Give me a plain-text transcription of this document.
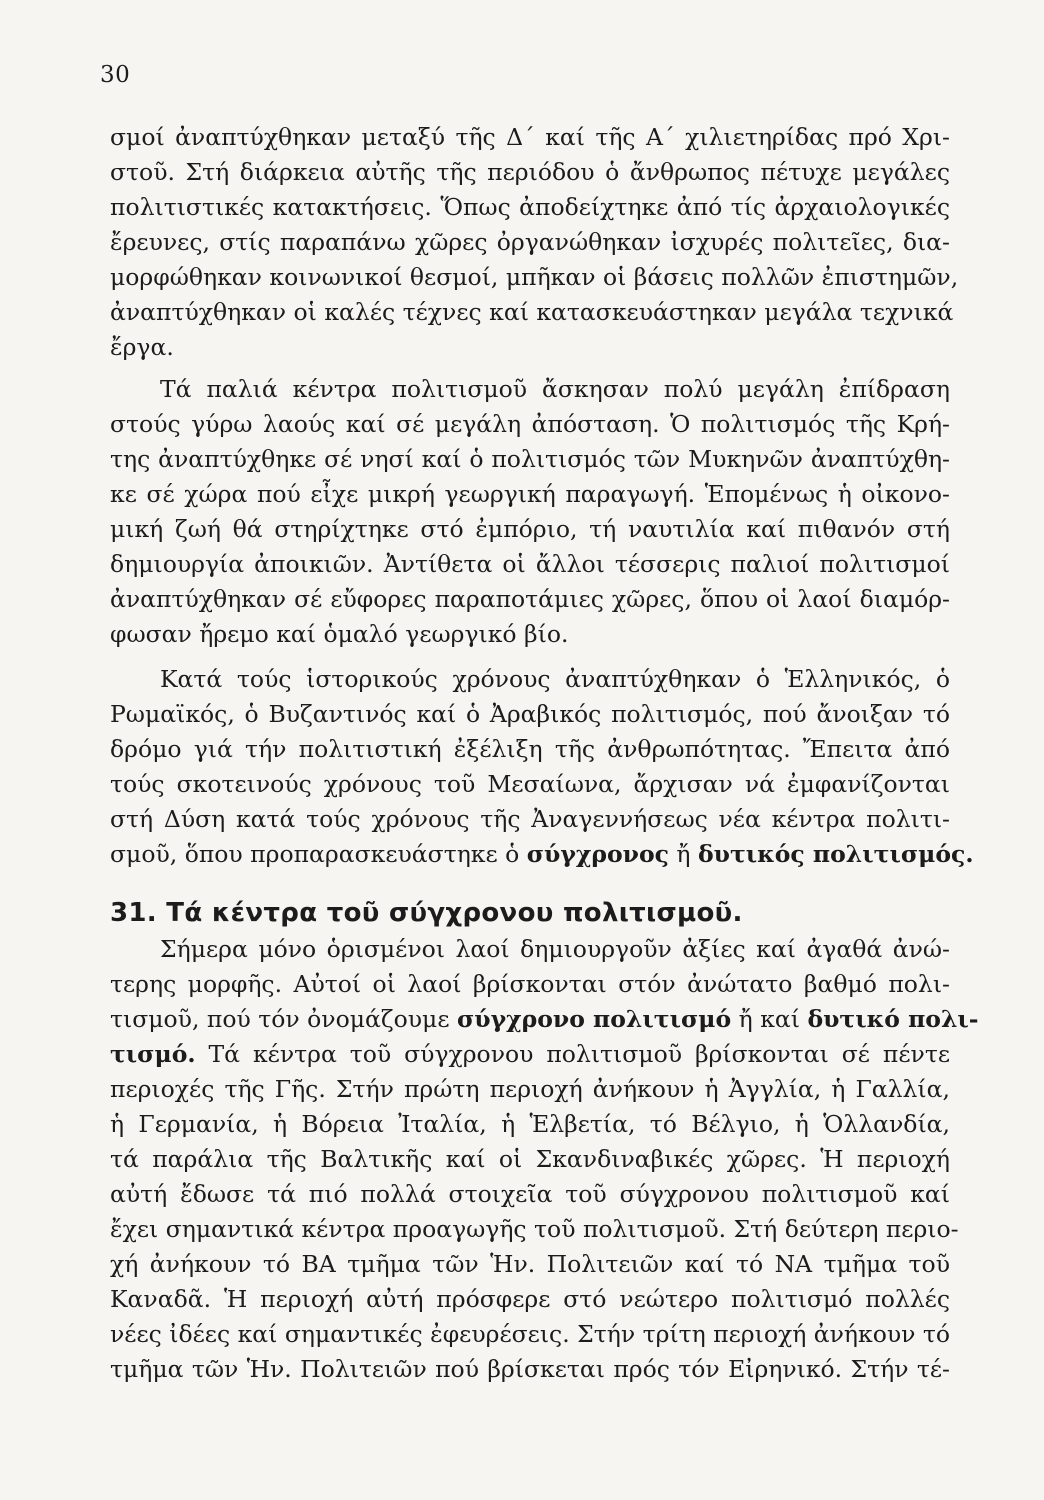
30
σμοί ἀναπτύχθηκαν μεταξύ τῆς Δ΄ καί τῆς Α΄ χιλιετηρίδας πρό Χρι-
στοῦ. Στή διάρκεια αὐτῆς τῆς περιόδου ὁ ἄνθρωπος πέτυχε μεγάλες
πολιτιστικές κατακτήσεις. Ὅπως ἀποδείχτηκε ἀπό τίς ἀρχαιολογικές
ἔρευνες, στίς παραπάνω χῶρες ὀργανώθηκαν ἰσχυρές πολιτεῖες, δια-
μορφώθηκαν κοινωνικοί θεσμοί, μπῆκαν οἱ βάσεις πολλῶν ἐπιστημῶν,
ἀναπτύχθηκαν οἱ καλές τέχνες καί κατασκευάστηκαν μεγάλα τεχνικά
ἔργα.
Τά παλιά κέντρα πολιτισμοῦ ἄσκησαν πολύ μεγάλη ἐπίδραση
στούς γύρω λαούς καί σέ μεγάλη ἀπόσταση. Ὁ πολιτισμός τῆς Κρή-
της ἀναπτύχθηκε σέ νησί καί ὁ πολιτισμός τῶν Μυκηνῶν ἀναπτύχθη-
κε σέ χώρα πού εἶχε μικρή γεωργική παραγωγή. Ἑπομένως ἡ οἰκονο-
μική ζωή θά στηρίχτηκε στό ἐμπόριο, τή ναυτιλία καί πιθανόν στή
δημιουργία ἀποικιῶν. Ἀντίθετα οἱ ἄλλοι τέσσερις παλιοί πολιτισμοί
ἀναπτύχθηκαν σέ εὔφορες παραποτάμιες χῶρες, ὅπου οἱ λαοί διαμόρ-
φωσαν ἤρεμο καί ὁμαλό γεωργικό βίο.
Κατά τούς ἱστορικούς χρόνους ἀναπτύχθηκαν ὁ Ἑλληνικός, ὁ
Ρωμαϊκός, ὁ Βυζαντινός καί ὁ Ἀραβικός πολιτισμός, πού ἄνοιξαν τό
δρόμο γιά τήν πολιτιστική ἐξέλιξη τῆς ἀνθρωπότητας. Ἔπειτα ἀπό
τούς σκοτεινούς χρόνους τοῦ Μεσαίωνα, ἄρχισαν νά ἐμφανίζονται
στή Δύση κατά τούς χρόνους τῆς Ἀναγεννήσεως νέα κέντρα πολιτι-
σμοῦ, ὅπου προπαρασκευάστηκε ὁ σύγχρονος ἤ δυτικός πολιτισμός.
31. Τά κέντρα τοῦ σύγχρονου πολιτισμοῦ.
Σήμερα μόνο ὁρισμένοι λαοί δημιουργοῦν ἀξίες καί ἀγαθά ἀνώ-
τερης μορφῆς. Αὐτοί οἱ λαοί βρίσκονται στόν ἀνώτατο βαθμό πολι-
τισμοῦ, πού τόν ὀνομάζουμε σύγχρονο πολιτισμό ἤ καί δυτικό πολι-
τισμό. Τά κέντρα τοῦ σύγχρονου πολιτισμοῦ βρίσκονται σέ πέντε
περιοχές τῆς Γῆς. Στήν πρώτη περιοχή ἀνήκουν ἡ Ἀγγλία, ἡ Γαλλία,
ἡ Γερμανία, ἡ Βόρεια Ἰταλία, ἡ Ἑλβετία, τό Βέλγιο, ἡ Ὁλλανδία,
τά παράλια τῆς Βαλτικῆς καί οἱ Σκανδιναβικές χῶρες. Ἡ περιοχή
αὐτή ἔδωσε τά πιό πολλά στοιχεῖα τοῦ σύγχρονου πολιτισμοῦ καί
ἔχει σημαντικά κέντρα προαγωγῆς τοῦ πολιτισμοῦ. Στή δεύτερη περιο-
χή ἀνήκουν τό ΒΑ τμῆμα τῶν Ἡν. Πολιτειῶν καί τό ΝΑ τμῆμα τοῦ
Καναδᾶ. Ἡ περιοχή αὐτή πρόσφερε στό νεώτερο πολιτισμό πολλές
νέες ἰδέες καί σημαντικές ἐφευρέσεις. Στήν τρίτη περιοχή ἀνήκουν τό
τμῆμα τῶν Ἡν. Πολιτειῶν πού βρίσκεται πρός τόν Εἰρηνικό. Στήν τέ-
